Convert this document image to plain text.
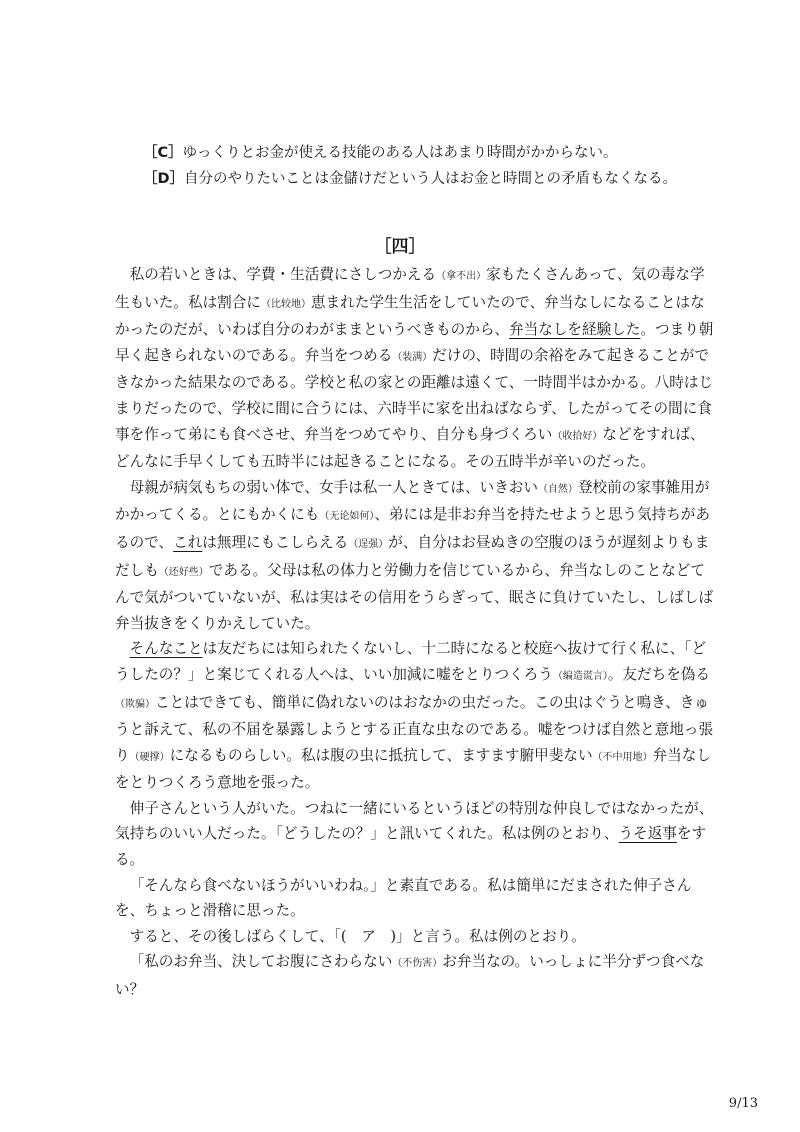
［C］ゆっくりとお金が使える技能のある人はあまり時間がかからない。
［D］自分のやりたいことは金儲けだという人はお金と時間との矛盾もなくなる。
［四］

私の若いときは、学費・生活費にさしつかえる（拿不出）家もたくさんあって、気の毒な学生もいた。私は割合に（比较地）恵まれた学生生活をしていたので、弁当なしになることはなかったのだが、いわば自分のわがままというべきものから、弁当なしを経験した。つまり朝早く起きられないのである。弁当をつめる（装满）だけの、時間の余裕をみて起きることができなかった結果なのである。学校と私の家との距離は遠くて、一時間半はかかる。八時はじまりだったので、学校に間に合うには、六時半に家を出ねばならず、したがってその間に食事を作って弟にも食べさせ、弁当をつめてやり、自分も身づくろい（收拾好）などをすれば、どんなに手早くしても五時半には起きることになる。その五時半が辛いのだった。

母親が病気もちの弱い体で、女手は私一人ときては、いきおい（自然）登校前の家事雑用がかかってくる。とにもかくにも（无论如何）、弟には是非お弁当を持たせようと思う気持ちがあるので、これは無理にもこしらえる（逞强）が、自分はお昼ぬきの空腹のほうが遅刻よりもまだしも（还好些）である。父母は私の体力と労働力を信じているから、弁当なしのことなどてんで気がついていないが、私は実はその信用をうらぎって、眠さに負けていたし、しばしば弁当抜きをくりかえしていた。

そんなことは友だちには知られたくないし、十二時になると校庭へ抜けて行く私に、「どうしたの？」と案じてくれる人へは、いい加減に嘘をとりつくろう（编造谎言）。友だちを偽る（欺骗）ことはできても、簡単に偽れないのはおなかの虫だった。この虫はぐうと鳴き、きゅうと訴えて、私の不届を暴露しようとする正直な虫なのである。嘘をつけば自然と意地っ張り（硬撑）になるものらしい。私は腹の虫に抵抗して、ますます腑甲斐ない（不中用地）弁当なしをとりつくろう意地を張った。

伸子さんという人がいた。つねに一緒にいるというほどの特別な仲良しではなかったが、気持ちのいい人だった。「どうしたの？」と訊いてくれた。私は例のとおり、うそ返事をする。

「そんなら食べないほうがいいわね。」と素直である。私は簡単にだまされた伸子さんを、ちょっと滑稽に思った。

すると、その後しばらくして、「(　ア　)」と言う。私は例のとおり。

「私のお弁当、決してお腹にさわらない（不伤害）お弁当なの。いっしょに半分ずつ食べない？

9/13
